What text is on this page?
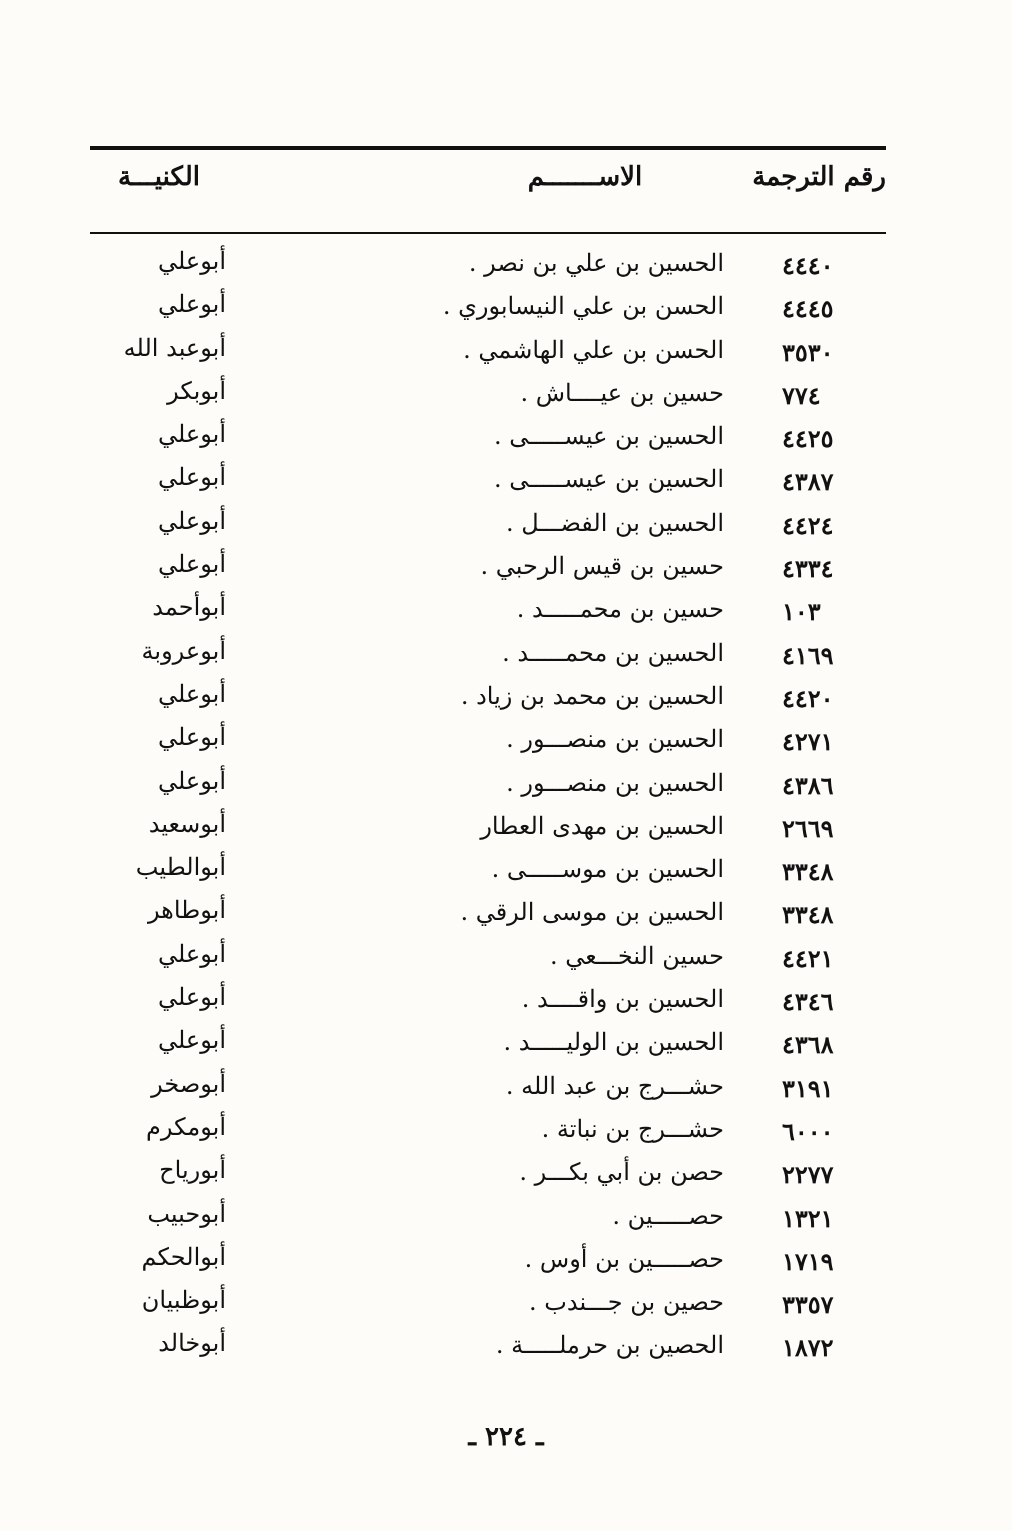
رقم الترجمة
الاســـــــم
الكنيـــة
٤٤٤٠
الحسين بن علي بن نصر .
أبوعلي
٤٤٤٥
الحسن بن علي النيسابوري .
أبوعلي
٣٥٣٠
الحسن بن علي الهاشمي .
أبوعبد الله
٧٧٤
حسين بن عيــــاش .
أبوبكر
٤٤٢٥
الحسين بن عيســـــى .
أبوعلي
٤٣٨٧
الحسين بن عيســـــى .
أبوعلي
٤٤٢٤
الحسين بن الفضـــل .
أبوعلي
٤٣٣٤
حسين بن قيس الرحبي .
أبوعلي
١٠٣
حسين بن محمـــــد .
أبوأحمد
٤١٦٩
الحسين بن محمـــــد .
أبوعروبة
٤٤٢٠
الحسين بن محمد بن زياد .
أبوعلي
٤٢٧١
الحسين بن منصـــور .
أبوعلي
٤٣٨٦
الحسين بن منصـــور .
أبوعلي
٢٦٦٩
الحسين بن مهدى العطار
أبوسعيد
٣٣٤٨
الحسين بن موســـــى .
أبوالطيب
٣٣٤٨
الحسين بن موسى الرقي .
أبوطاهر
٤٤٢١
حسين النخـــعي .
أبوعلي
٤٣٤٦
الحسين بن واقــــد .
أبوعلي
٤٣٦٨
الحسين بن الوليـــــد .
أبوعلي
٣١٩١
حشـــرج بن عبد الله .
أبوصخر
٦٠٠٠
حشـــرج بن نباتة .
أبومكرم
٢٢٧٧
حصن بن أبي بكـــر .
أبورياح
١٣٢١
حصـــــين .
أبوحبيب
١٧١٩
حصـــــين بن أوس .
أبوالحكم
٣٣٥٧
حصين بن جـــندب .
أبوظبيان
١٨٧٢
الحصين بن حرملـــــة .
أبوخالد
ـ ٢٢٤ ـ
